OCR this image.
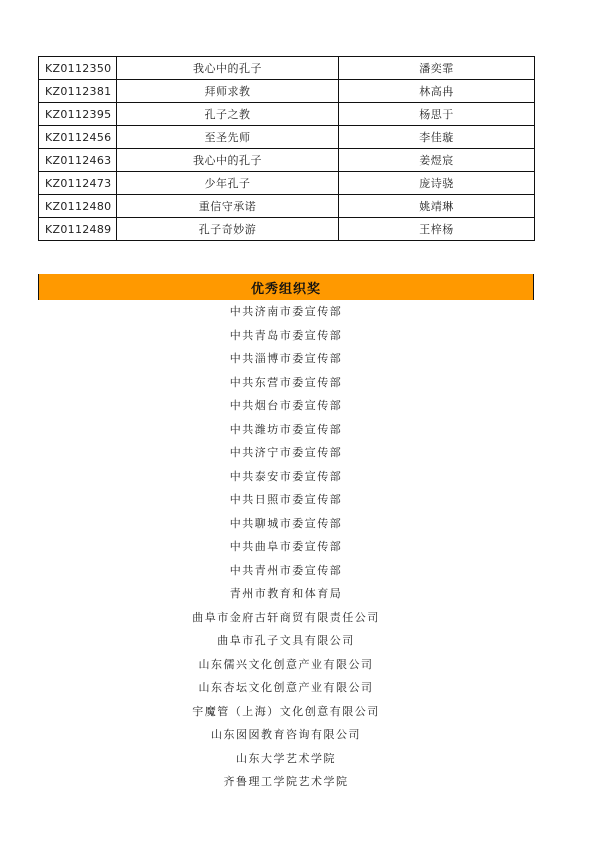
KZ0112350	我心中的孔子	潘奕霏
KZ0112381	拜师求教	林高冉
KZ0112395	孔子之教	杨思于
KZ0112456	至圣先师	李佳璇
KZ0112463	我心中的孔子	姜煜宸
KZ0112473	少年孔子	庞诗骁
KZ0112480	重信守承诺	姚靖琳
KZ0112489	孔子奇妙游	王梓杨
优秀组织奖
中共济南市委宣传部
中共青岛市委宣传部
中共淄博市委宣传部
中共东营市委宣传部
中共烟台市委宣传部
中共潍坊市委宣传部
中共济宁市委宣传部
中共泰安市委宣传部
中共日照市委宣传部
中共聊城市委宣传部
中共曲阜市委宣传部
中共青州市委宣传部
青州市教育和体育局
曲阜市金府古轩商贸有限责任公司
曲阜市孔子文具有限公司
山东儒兴文化创意产业有限公司
山东杏坛文化创意产业有限公司
宇魔管（上海）文化创意有限公司
山东囡囡教育咨询有限公司
山东大学艺术学院
齐鲁理工学院艺术学院
